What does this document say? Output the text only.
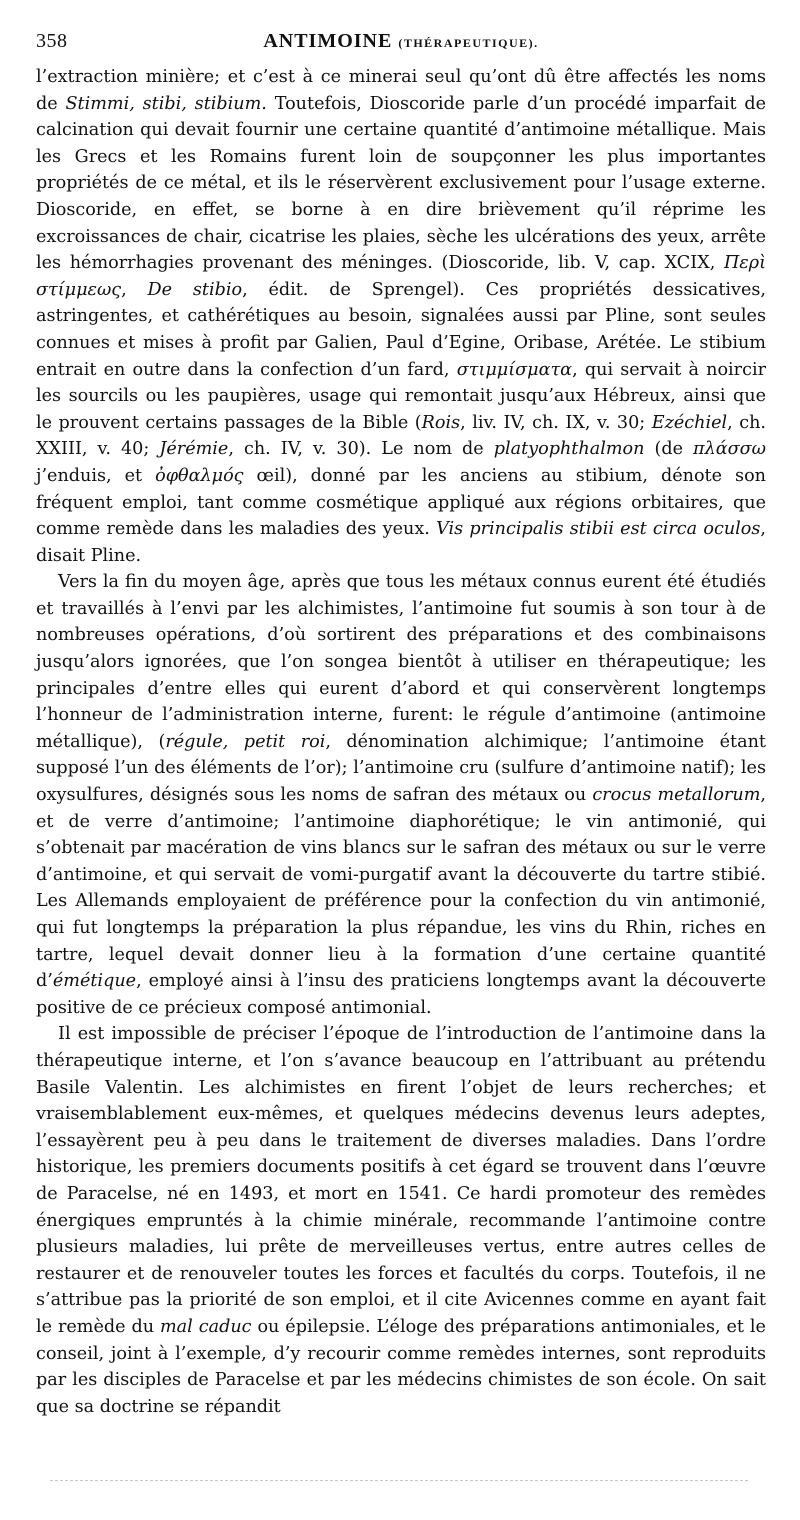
358	ANTIMOINE (THÉRAPEUTIQUE).

l’extraction minière; et c’est à ce minerai seul qu’ont dû être affectés les noms de Stimmi, stibi, stibium. Toutefois, Dioscoride parle d’un procédé imparfait de calcination qui devait fournir une certaine quantité d’antimoine métallique. Mais les Grecs et les Romains furent loin de soupçonner les plus importantes propriétés de ce métal, et ils le réservèrent exclusivement pour l’usage externe. Dioscoride, en effet, se borne à en dire brièvement qu’il réprime les excroissances de chair, cicatrise les plaies, sèche les ulcérations des yeux, arrête les hémorrhagies provenant des méninges. (Dioscoride, lib. V, cap. XCIX, Περὶ στίμμεως, De stibio, édit. de Sprengel). Ces propriétés dessicatives, astringentes, et cathérétiques au besoin, signalées aussi par Pline, sont seules connues et mises à profit par Galien, Paul d’Egine, Oribase, Arétée. Le stibium entrait en outre dans la confection d’un fard, στιμμίσματα, qui servait à noircir les sourcils ou les paupières, usage qui remontait jusqu’aux Hébreux, ainsi que le prouvent certains passages de la Bible (Rois, liv. IV, ch. IX, v. 30; Ezéchiel, ch. XXIII, v. 40; Jérémie, ch. IV, v. 30). Le nom de platyophthalmon (de πλάσσω j’enduis, et ὀφθαλμός œil), donné par les anciens au stibium, dénote son fréquent emploi, tant comme cosmétique appliqué aux régions orbitaires, que comme remède dans les maladies des yeux. Vis principalis stibii est circa oculos, disait Pline.

Vers la fin du moyen âge, après que tous les métaux connus eurent été étudiés et travaillés à l’envi par les alchimistes, l’antimoine fut soumis à son tour à de nombreuses opérations, d’où sortirent des préparations et des combinaisons jusqu’alors ignorées, que l’on songea bientôt à utiliser en thérapeutique; les principales d’entre elles qui eurent d’abord et qui conservèrent longtemps l’honneur de l’administration interne, furent: le régule d’antimoine (antimoine métallique), (régule, petit roi, dénomination alchimique; l’antimoine étant supposé l’un des éléments de l’or); l’antimoine cru (sulfure d’antimoine natif); les oxysulfures, désignés sous les noms de safran des métaux ou crocus metallorum, et de verre d’antimoine; l’antimoine diaphorétique; le vin antimonié, qui s’obtenait par macération de vins blancs sur le safran des métaux ou sur le verre d’antimoine, et qui servait de vomi-purgatif avant la découverte du tartre stibié. Les Allemands employaient de préférence pour la confection du vin antimonié, qui fut longtemps la préparation la plus répandue, les vins du Rhin, riches en tartre, lequel devait donner lieu à la formation d’une certaine quantité d’émétique, employé ainsi à l’insu des praticiens longtemps avant la découverte positive de ce précieux composé antimonial.

Il est impossible de préciser l’époque de l’introduction de l’antimoine dans la thérapeutique interne, et l’on s’avance beaucoup en l’attribuant au prétendu Basile Valentin. Les alchimistes en firent l’objet de leurs recherches; et vraisemblablement eux-mêmes, et quelques médecins devenus leurs adeptes, l’essayèrent peu à peu dans le traitement de diverses maladies. Dans l’ordre historique, les premiers documents positifs à cet égard se trouvent dans l’œuvre de Paracelse, né en 1493, et mort en 1541. Ce hardi promoteur des remèdes énergiques empruntés à la chimie minérale, recommande l’antimoine contre plusieurs maladies, lui prête de merveilleuses vertus, entre autres celles de restaurer et de renouveler toutes les forces et facultés du corps. Toutefois, il ne s’attribue pas la priorité de son emploi, et il cite Avicennes comme en ayant fait le remède du mal caduc ou épilepsie. L’éloge des préparations antimoniales, et le conseil, joint à l’exemple, d’y recourir comme remèdes internes, sont reproduits par les disciples de Paracelse et par les médecins chimistes de son école. On sait que sa doctrine se répandit
